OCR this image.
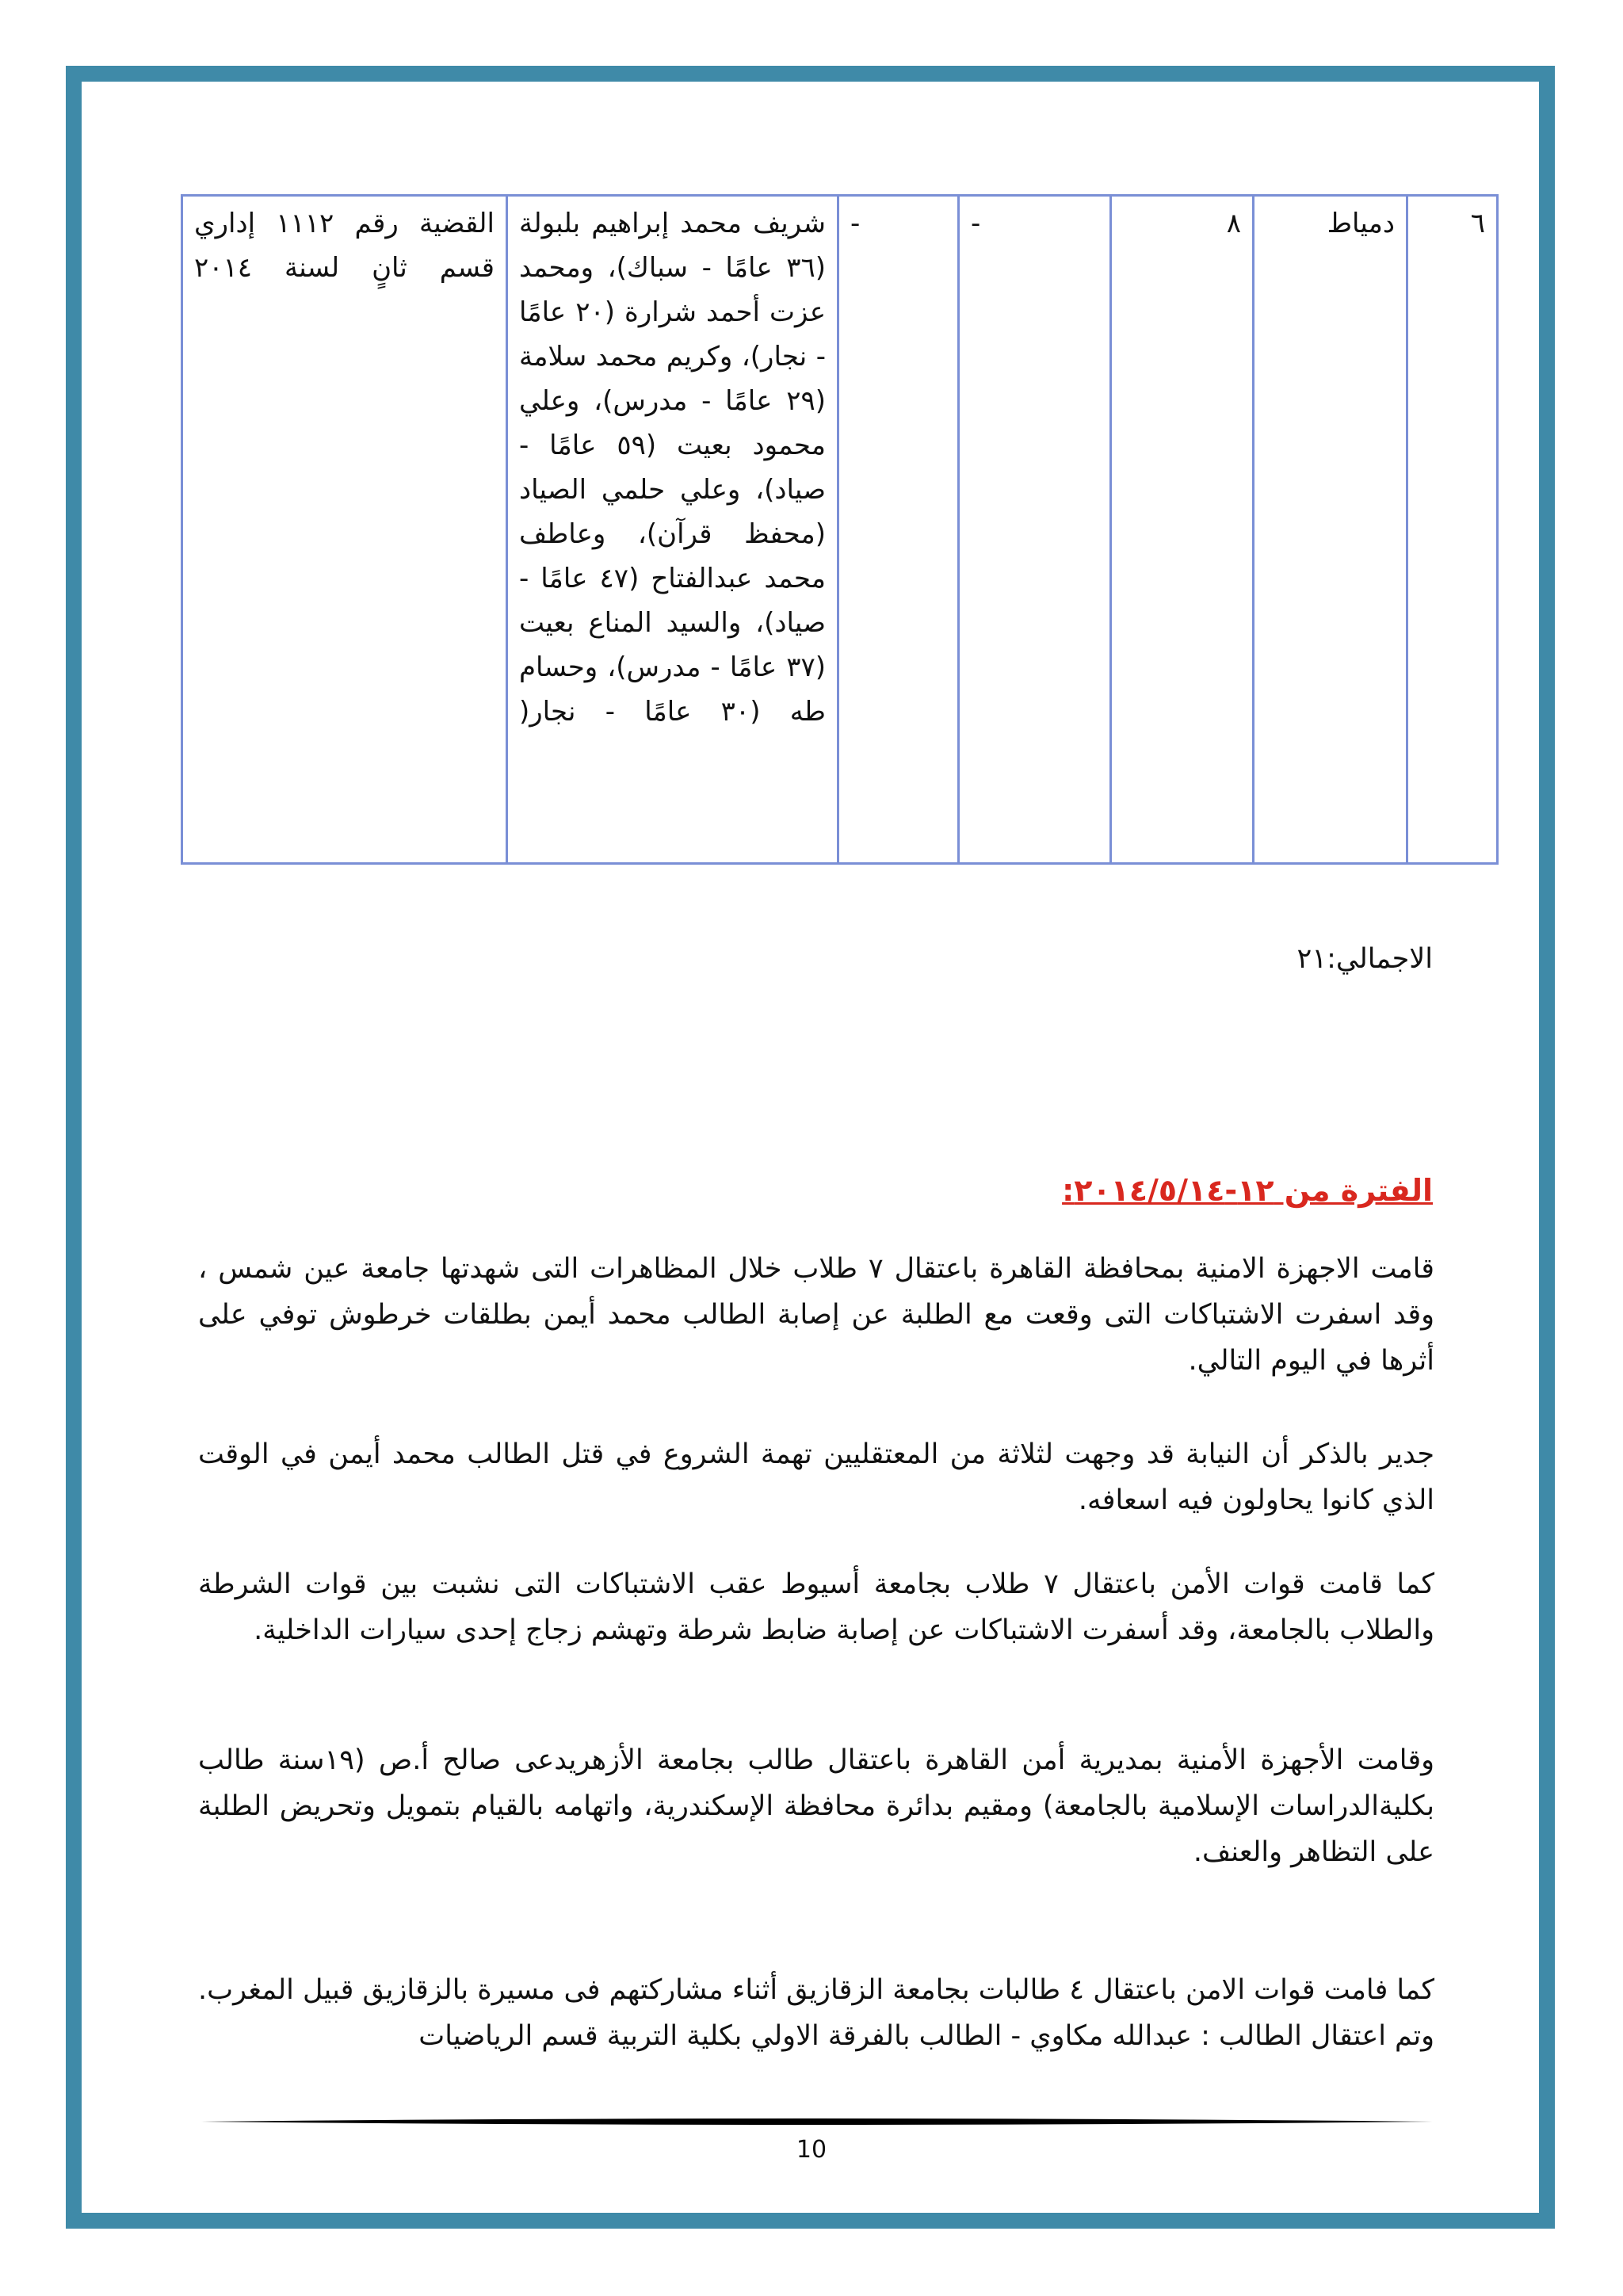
٦	دمياط	٨	-	-	شريف محمد إبراهيم بلبولة (٣٦ عامًا - سباك)، ومحمد عزت أحمد شرارة (٢٠ عامًا - نجار)، وكريم محمد سلامة (٢٩ عامًا - مدرس)، وعلي محمود بعيت (٥٩ عامًا - صياد)، وعلي حلمي الصياد (محفظ قرآن)، وعاطف محمد عبدالفتاح (٤٧ عامًا - صياد)، والسيد المناع بعيت (٣٧ عامًا - مدرس)، وحسام طه (٣٠ عامًا - نجار(	القضية رقم ١١١٢ إداري قسم ثانٍ لسنة ٢٠١٤
الاجمالي:٢١
الفترة من ١٢-٢٠١٤/٥/١٤:
قامت الاجهزة الامنية بمحافظة القاهرة باعتقال ٧ طلاب خلال المظاهرات التى شهدتها جامعة عين شمس ، وقد اسفرت الاشتباكات التى وقعت مع الطلبة عن إصابة الطالب محمد أيمن بطلقات خرطوش توفي على أثرها في اليوم التالي.
جدير بالذكر أن النيابة قد وجهت لثلاثة من المعتقليين تهمة الشروع في قتل الطالب محمد أيمن في الوقت الذي كانوا يحاولون فيه اسعافه.
كما قامت قوات الأمن باعتقال ٧ طلاب بجامعة أسيوط عقب الاشتباكات التى نشبت بين قوات الشرطة والطلاب بالجامعة، وقد أسفرت الاشتباكات عن إصابة ضابط شرطة وتهشم زجاج إحدى سيارات الداخلية.
وقامت الأجهزة الأمنية بمديرية أمن القاهرة باعتقال طالب بجامعة الأزهريدعى صالح أ.ص (١٩سنة طالب بكليةالدراسات الإسلامية بالجامعة) ومقيم بدائرة محافظة الإسكندرية، واتهامه بالقيام بتمويل وتحريض الطلبة على التظاهر والعنف.
كما فامت قوات الامن باعتقال ٤ طالبات بجامعة الزقازيق أثناء مشاركتهم فى مسيرة بالزقازيق قبيل المغرب. وتم اعتقال الطالب : عبدالله مكاوي - الطالب بالفرقة الاولي بكلية التربية قسم الرياضيات
10
